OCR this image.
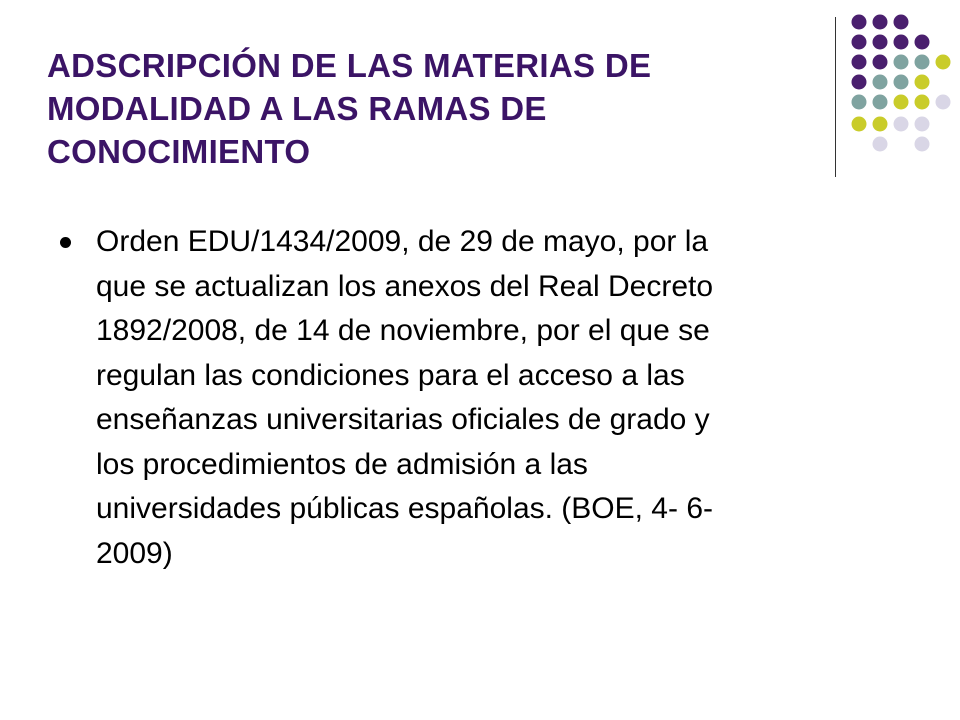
ADSCRIPCIÓN DE LAS MATERIAS DE
MODALIDAD A LAS RAMAS DE
CONOCIMIENTO
Orden EDU/1434/2009, de 29 de mayo, por la
que se actualizan los anexos del Real Decreto
1892/2008, de 14 de noviembre, por el que se
regulan las condiciones para el acceso a las
enseñanzas universitarias oficiales de grado y
los procedimientos de admisión a las
universidades públicas españolas. (BOE, 4- 6-
2009)
